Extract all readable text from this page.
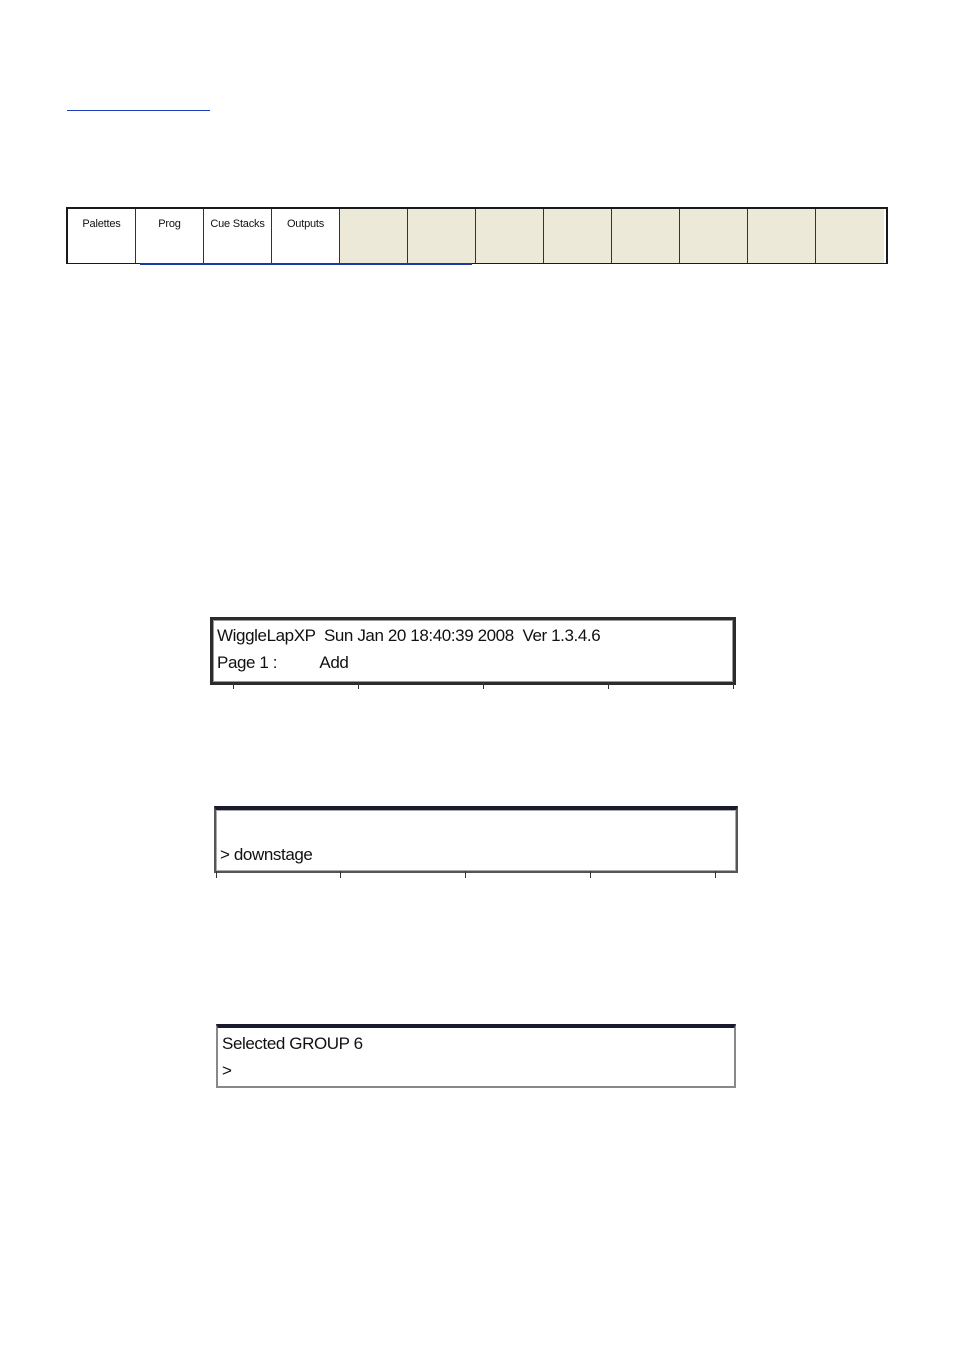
Palettes	Prog	Cue Stacks	Outputs
WiggleLapXP  Sun Jan 20 18:40:39 2008  Ver 1.3.4.6
Page 1 :          Add
> downstage
Selected GROUP 6
>
